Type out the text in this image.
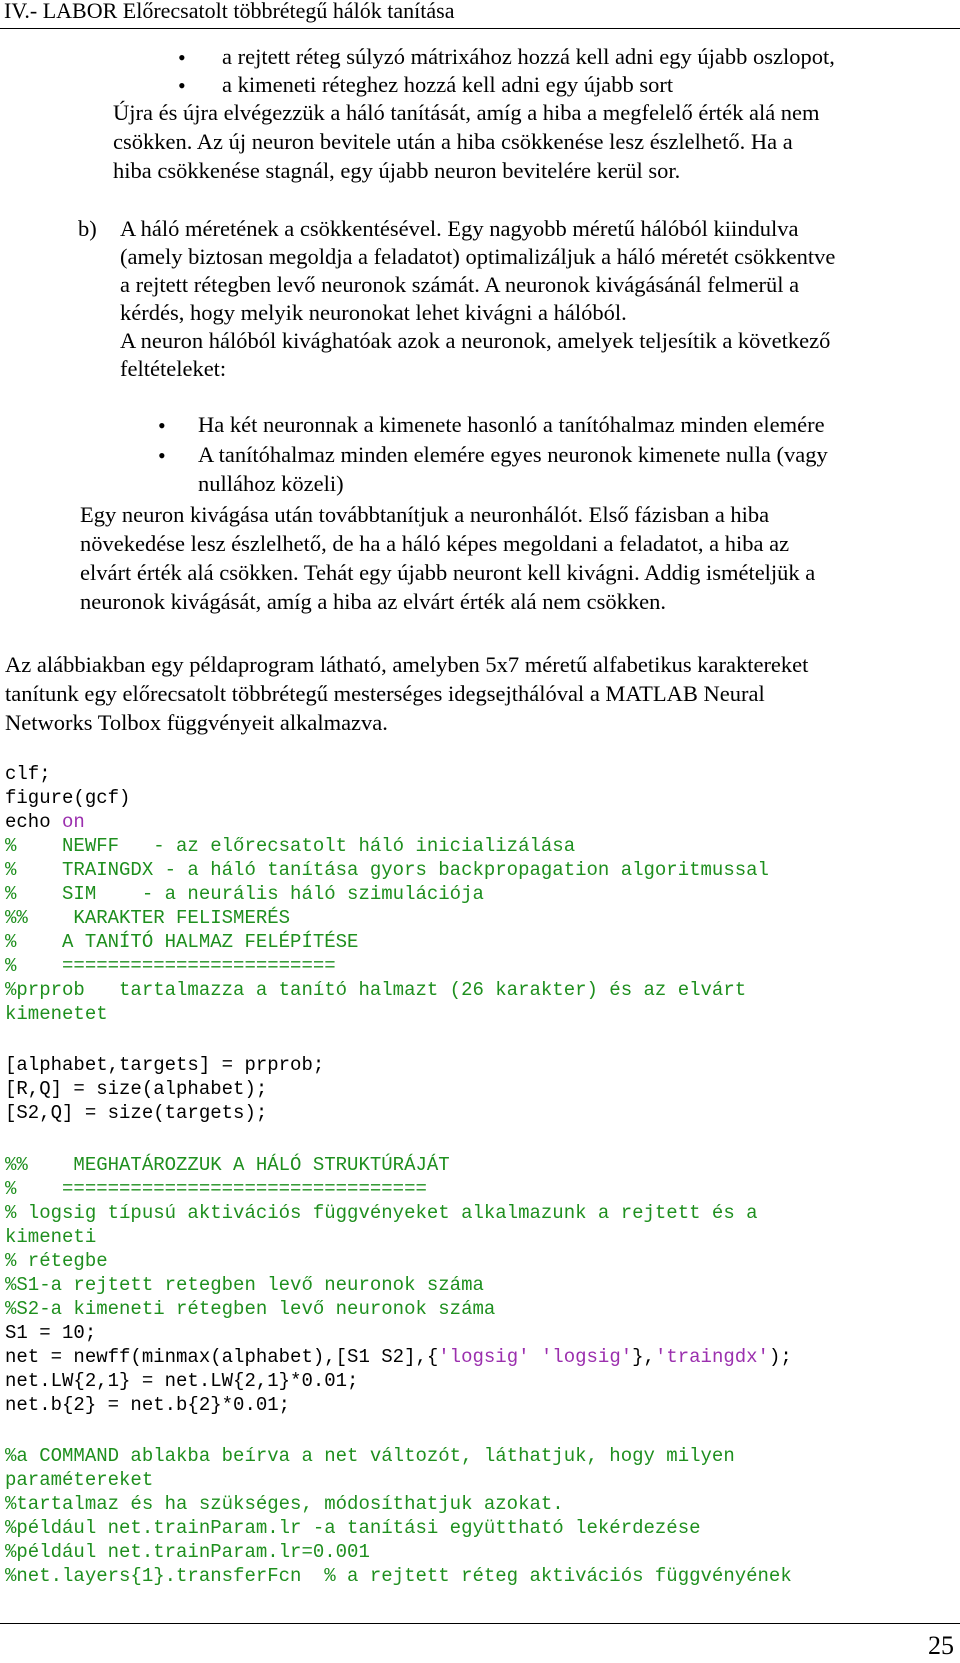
IV.- LABOR Előrecsatolt többrétegű hálók tanítása
• a rejtett réteg súlyzó mátrixához hozzá kell adni egy újabb oszlopot,
• a kimeneti réteghez hozzá kell adni egy újabb sort
Újra és újra elvégezzük a háló tanítását, amíg a hiba a megfelelő érték alá nem
csökken. Az új neuron bevitele után a hiba csökkenése lesz észlelhető. Ha a
hiba csökkenése stagnál, egy újabb neuron bevitelére kerül sor.
b) A háló méretének a csökkentésével. Egy nagyobb méretű hálóból kiindulva
(amely biztosan megoldja a feladatot) optimalizáljuk a háló méretét csökkentve
a rejtett rétegben levő neuronok számát. A neuronok kivágásánál felmerül a
kérdés, hogy melyik neuronokat lehet kivágni a hálóból.
A neuron hálóból kivághatóak azok a neuronok, amelyek teljesítik a következő
feltételeket:
• Ha két neuronnak a kimenete hasonló a tanítóhalmaz minden elemére
• A tanítóhalmaz minden elemére egyes neuronok kimenete nulla (vagy
nullához közeli)
Egy neuron kivágása után továbbtanítjuk a neuronhálót. Első fázisban a hiba
növekedése lesz észlelhető, de ha a háló képes megoldani a feladatot, a hiba az
elvárt érték alá csökken. Tehát egy újabb neuront kell kivágni. Addig ismételjük a
neuronok kivágását, amíg a hiba az elvárt érték alá nem csökken.
Az alábbiakban egy példaprogram látható, amelyben 5x7 méretű alfabetikus karaktereket
tanítunk egy előrecsatolt többrétegű mesterséges idegsejthálóval a MATLAB Neural
Networks Tolbox függvényeit alkalmazva.
clf;
figure(gcf)
echo on
%    NEWFF   - az előrecsatolt háló inicializálása
%    TRAINGDX - a háló tanítása gyors backpropagation algoritmussal
%    SIM    - a neurális háló szimulációja
%%    KARAKTER FELISMERÉS
%    A TANÍTÓ HALMAZ FELÉPÍTÉSE
%    ========================
%prprob   tartalmazza a tanító halmazt (26 karakter) és az elvárt
kimenetet
[alphabet,targets] = prprob;
[R,Q] = size(alphabet);
[S2,Q] = size(targets);
%%    MEGHATÁROZZUK A HÁLÓ STRUKTÚRÁJÁT
%    ================================
% logsig típusú aktivációs függvényeket alkalmazunk a rejtett és a
kimeneti
% rétegbe
%S1-a rejtett retegben levő neuronok száma
%S2-a kimeneti rétegben levő neuronok száma
S1 = 10;
net = newff(minmax(alphabet),[S1 S2],{'logsig' 'logsig'},'traingdx');
net.LW{2,1} = net.LW{2,1}*0.01;
net.b{2} = net.b{2}*0.01;
%a COMMAND ablakba beírva a net változót, láthatjuk, hogy milyen
paramétereket
%tartalmaz és ha szükséges, módosíthatjuk azokat.
%például net.trainParam.lr -a tanítási együttható lekérdezése
%például net.trainParam.lr=0.001
%net.layers{1}.transferFcn  % a rejtett réteg aktivációs függvényének
25
